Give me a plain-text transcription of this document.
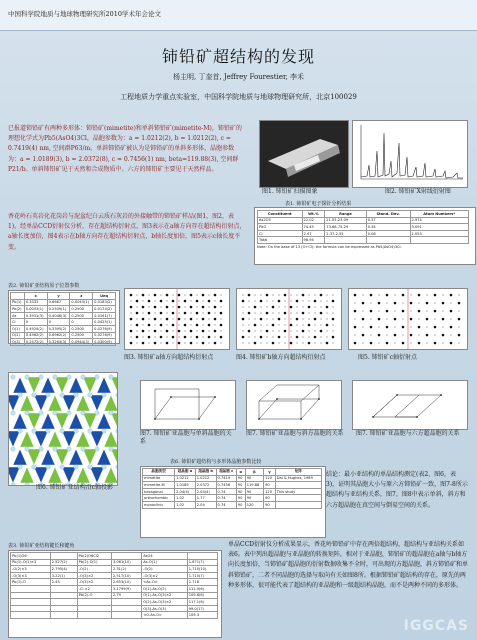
中国科学院地质与地球物理研究所2010学术年会论文
铈铅矿超结构的发现
杨主明, 丁奎首, Jeffrey Fourestier, 李禾
工程地质力学重点实验室，中国科学院地质与地球物理研究所，北京100029
已报道铈铅矿有两种多形体：铈铅矿(mimetite)和单斜铈铅矿(mimetite-M)，铈铅矿的理想化学式为Pb5(AsO4)3Cl，晶胞参数为：a = 1.0212(2), b = 1.0212(2), c = 0.7419(4) nm, 空间群P63/m。单斜铈铅矿被认为是铈铅矿的单斜多形体，晶胞参数为：a = 1.0189(3), b = 2.0372(8), c = 0.7456(1) nm, beta=119.88(3), 空间群P21/b。单斜铈铅矿见于天然和合成物质中。六方的铈铅矿主要见于天然样品。
图1. 铈铅矿扫描图象	图2. 铈铅矿X射线衍射图
表1. 铈铅矿电子探针分析结果
Constituent	Wt.%	Range	Stand. Dev.	Atom Numbers*
As2O5	22.02	21.55-23.09	0.37	2.974
PbO	74.45	73.68-75.29	0.34	5.091
Cl	2.47	2.37-2.55	0.08	1.053
Total	98.94			
Note: On the base of 13 (O+Cl): the formula can be expressed as Pb5(AsO4)3Cl.
香花岭石英岩化花岗岩与泥盆纪白云质石灰岩的外接触带的铈铅矿样品(图1，图2，表1)。经单晶CCD衍射仪分析，存在超结构衍射点，图3表示在a轴方向存在超结构衍射点，a轴长度加倍，图4表示在b轴方向存在超结构衍射点，b轴长度加倍，图5表示c轴长度不变。
表2. 铈铅矿亚结构原子位置参数
	x	y	z	Ueq
Pb(1)	0.3333	0.6667	0.0043(1)	0.0183(2)
Pb(2)	0.0003(1)	0.2509(1)	0.2500	0.0174(2)
As	0.3931(3)	0.4046(3)	0.2500	0.0161(7)
Cl	0	0	0	0.0425(1)
O(1)	0.4924(2)	0.3395(2)	0.2500	0.0276(9)
O(2)	0.4962(2)	0.6962(2)	0.2500	0.0276(9)
O(3)	0.2472(2)	0.3263(3)	0.0944(3)	0.0300(9)
图3. 铈铅矿a轴方向超结构衍射点	图4. 铈铅矿b轴方向超结构衍射点	图5. 铈铅矿c轴衍射点
图6. 铈铅矿亚结构沿c轴投影
图7. 铈铅矿亚晶胞与单斜晶胞的关系
图7. 铈铅矿亚晶胞与斜方晶胞的关系 图7. 铈铅矿亚晶胞与六方超晶胞的关系
表6. 铈铅矿超结构与多形体晶胞参数比较
晶胞类型	超晶胞 a	超晶胞 b	超晶胞 c	α	β	γ	矩阵
mimetite	1.0212	1.0212	0.7419	90	90	120	Dai & Hughes, 1989
mimetite-M	1.0189	2.0372	0.7456	90	119.88	90	
hexagonal	2.04(4)	2.04(4)	0.74	90	90	120	This study
orthorhombic	1.02	1.77	0.74	90	90	90	
monoclinic	1.02	2.04	0.74	90	120	90	
结论：最小亚结构的单晶结构测定(表2，图6，表3)，证明其晶胞大小与原六方铈铅矿一致，图7-8所示超结构与亚结构关系，图7，图8中表示单斜，斜方和六方超晶胞在真空间与倒易空间的关系。
表3. 铈铅矿亚结构键长和键角
Pb(1)O6		Pb(2)O6Cl2		AsO4	
Pb(1)-O(1)×3	2.527(2)	Pb(2)-O(1)	3.061(10)	As-O(1)	1.671(7)
-O(2)×3	2.795(4)	-O(2)	2.31(2)	-O(2)	1.710(10)
-O(3)×3	3.22(1)	-O(3)×2	2.517(10)	-O(3)×2	1.710(7)
Pb(1)-O	2.45	-O(3)×2	2.653(10)	<As-O>	1.718
		-Cl ×2	3.1799(9)	O(1)-As-O(2)	111.0(6)
		Pb(2)-O	2.79	O(1)-As-O(3)×2	109.6(6)
				O(2)-As-O(3)×2	117.1(6)
				O(3)-As-O(3)	99.0(17)
				<O-As-O>	109.3
单晶CCD衍射仪分析成果显示，香花岭铈铅矿中存在两倍超结构，超结构与亚结构关系如表6。表中列出超晶胞与亚晶胞的转换矩阵，相对于亚晶胞，铈铅矿的超晶胞在a轴与b轴方向长度加倍，当铈铅矿超晶胞的衍射数据收集不全时，可出现的方超晶胞，斜方铈铅矿和单斜铈铅矿，二者不同晶胞的选择与取向有关如图8所。根据铈铅矿超结构的存在，原先的两种多形体，很可能代表了超结构的亚晶胞和一级超结构晶胞，而不是两种不同的多形体。
IGGCAS
